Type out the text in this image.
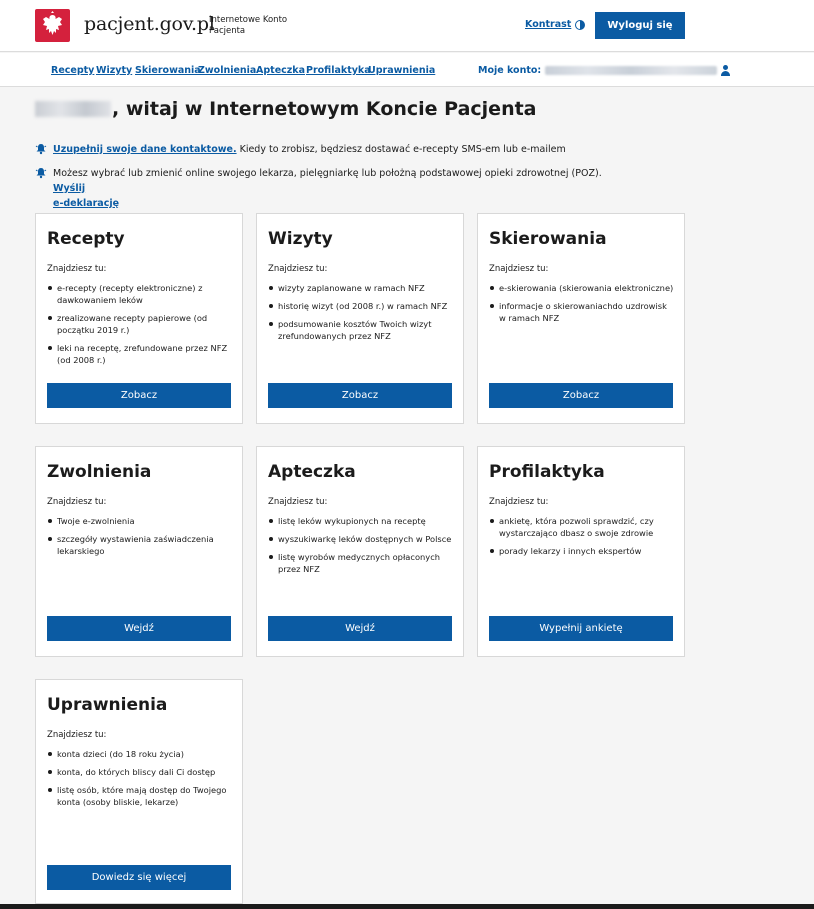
pacjent.gov.pl
Internetowe Konto Pacjenta
Kontrast	Wyloguj się
Recepty Wizyty Skierowania
Zwolnienia Apteczka Profilaktyka
Uprawnienia	Moje konto:
, witaj w Internetowym Koncie Pacjenta
Uzupełnij swoje dane kontaktowe. Kiedy to zrobisz, będziesz dostawać e-recepty SMS-em lub e-mailem
Możesz wybrać lub zmienić online swojego lekarza, pielęgniarkę lub położną podstawowej opieki zdrowotnej (POZ). Wyślij
e-deklarację
Recepty
Znajdziesz tu:
e-recepty (recepty elektroniczne) z dawkowaniem leków
zrealizowane recepty papierowe (od początku 2019 r.)
leki na receptę, zrefundowane przez NFZ (od 2008 r.)
Zobacz
Wizyty
Znajdziesz tu:
wizyty zaplanowane w ramach NFZ
historię wizyt (od 2008 r.) w ramach NFZ
podsumowanie kosztów Twoich wizyt zrefundowanych przez NFZ
Zobacz
Skierowania
Znajdziesz tu:
e-skierowania (skierowania elektroniczne)
informacje o skierowaniachdo uzdrowisk w ramach NFZ
Zobacz
Zwolnienia
Znajdziesz tu:
Twoje e-zwolnienia
szczegóły wystawienia zaświadczenia lekarskiego
Wejdź
Apteczka
Znajdziesz tu:
listę leków wykupionych na receptę
wyszukiwarkę leków dostępnych w Polsce
listę wyrobów medycznych opłaconych przez NFZ
Wejdź
Profilaktyka
Znajdziesz tu:
ankietę, która pozwoli sprawdzić, czy wystarczająco dbasz o swoje zdrowie
porady lekarzy i innych ekspertów
Wypełnij ankietę
Uprawnienia
Znajdziesz tu:
konta dzieci (do 18 roku życia)
konta, do których bliscy dali Ci dostęp
listę osób, które mają dostęp do Twojego konta (osoby bliskie, lekarze)
Dowiedz się więcej
